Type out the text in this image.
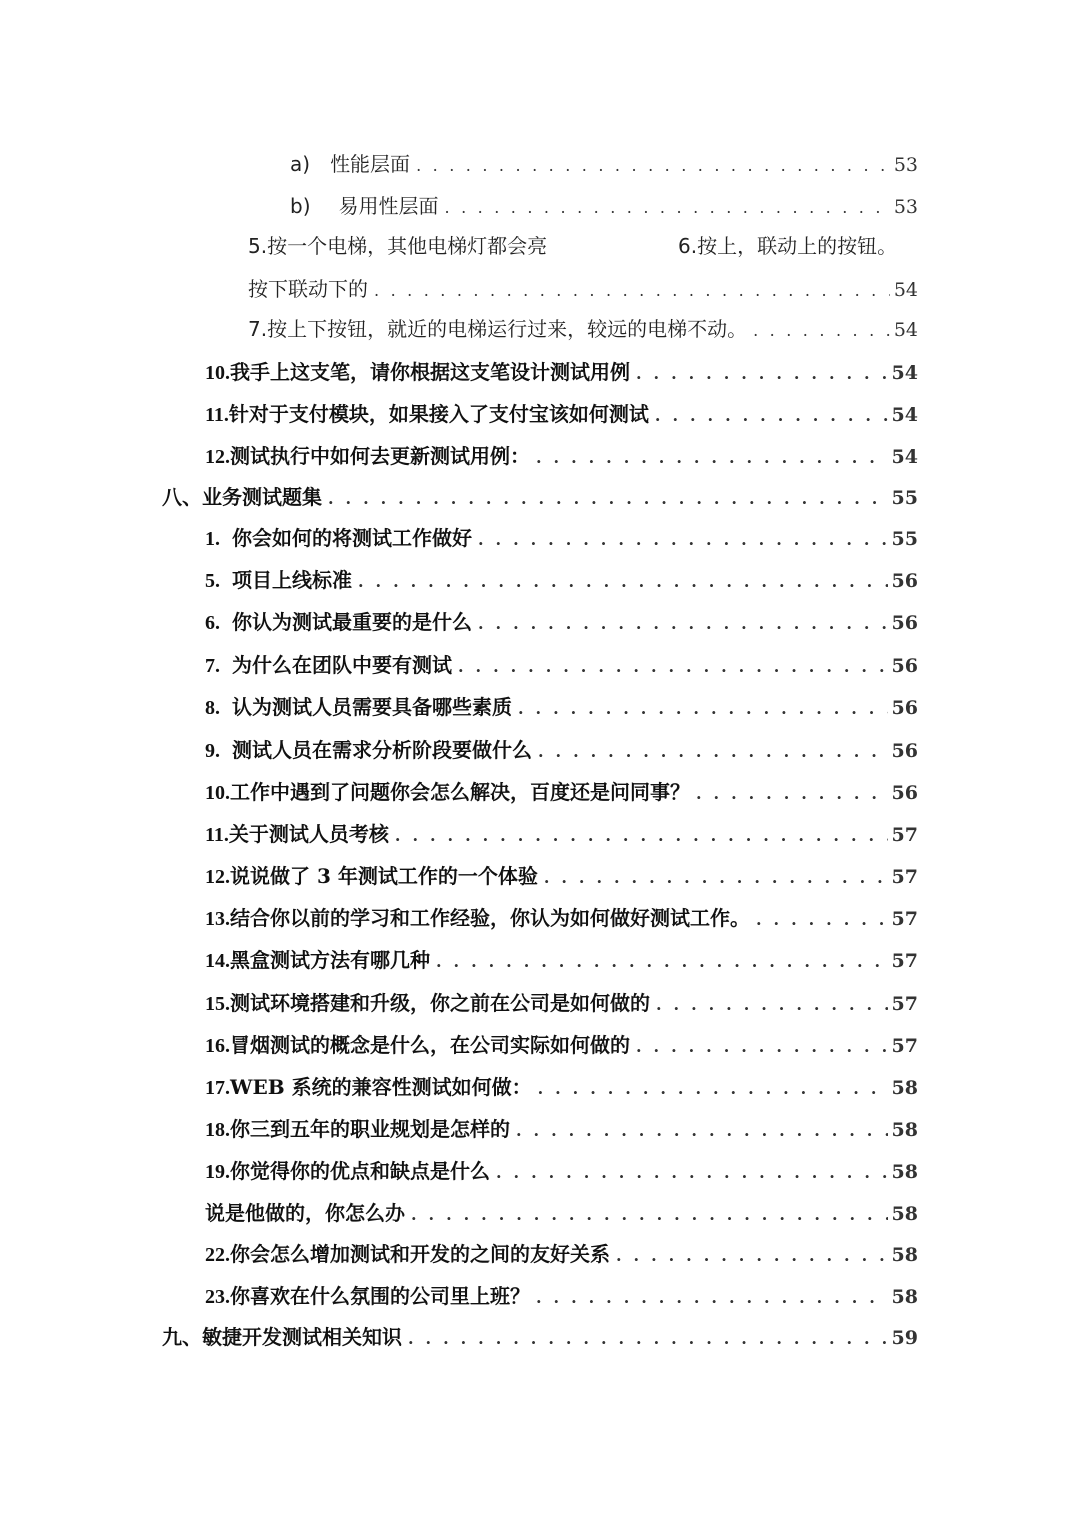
a) 性能层面 . . .	53
b) 易用性层面 . . .	53
5.按一个电梯，其他电梯灯都会亮	6.按上，联动上的按钮。
按下联动下的 . . .	54
7. 按上下按钮，就近的电梯运行过来，较远的电梯不动。 . . .	54
10. 我手上这支笔，请你根据这支笔设计测试用例 . . .	54
11. 针对于支付模块，如果接入了支付宝该如何测试 . . .	54
12. 测试执行中如何去更新测试用例： . . .	54
八、业务测试题集 . . .	55
1. 你会如何的将测试工作做好 . . .	55
5. 项目上线标准 . . .	56
6. 你认为测试最重要的是什么 . . .	56
7. 为什么在团队中要有测试 . . .	56
8. 认为测试人员需要具备哪些素质 . . .	56
9. 测试人员在需求分析阶段要做什么 . . .	56
10. 工作中遇到了问题你会怎么解决，百度还是问同事？ . . .	56
11. 关于测试人员考核 . . .	57
12. 说说做了 3 年测试工作的一个体验 . . .	57
13. 结合你以前的学习和工作经验，你认为如何做好测试工作。 . . .	57
14. 黑盒测试方法有哪几种 . . .	57
15. 测试环境搭建和升级，你之前在公司是如何做的 . . .	57
16. 冒烟测试的概念是什么，在公司实际如何做的 . . .	57
17. WEB 系统的兼容性测试如何做： . . .	58
18. 你三到五年的职业规划是怎样的 . . .	58
19. 你觉得你的优点和缺点是什么 . . .	58
说是他做的，你怎么办 . . .	58
22. 你会怎么增加测试和开发的之间的友好关系 . . .	58
23. 你喜欢在什么氛围的公司里上班？ . . .	58
九、敏捷开发测试相关知识 . . .	59
